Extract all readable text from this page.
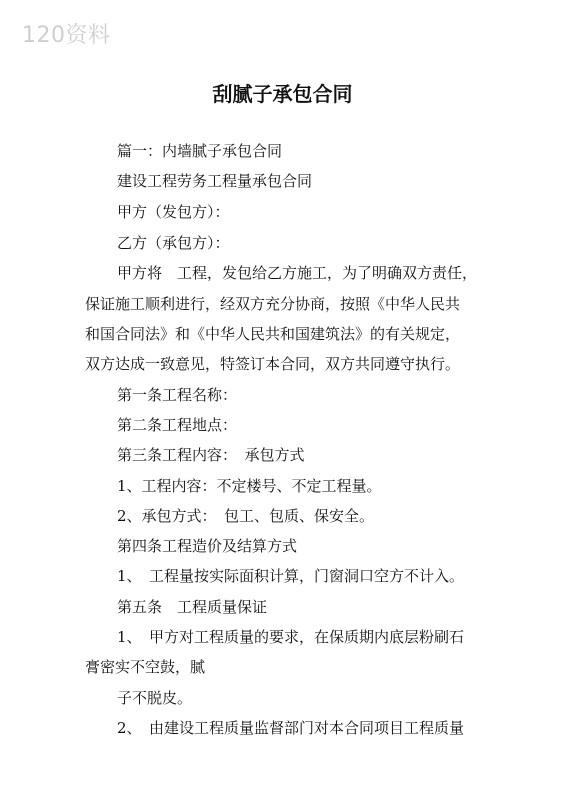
120资料
刮腻子承包合同
篇一：内墙腻子承包合同
建设工程劳务工程量承包合同
甲方（发包方）：
乙方（承包方）：
甲方将　工程，发包给乙方施工，为了明确双方责任，
保证施工顺利进行，经双方充分协商，按照《中华人民共
和国合同法》和《中华人民共和国建筑法》的有关规定，
双方达成一致意见，特签订本合同，双方共同遵守执行。
第一条工程名称：
第二条工程地点：
第三条工程内容：　承包方式
1、工程内容：不定楼号、不定工程量。
2、承包方式：　包工、包质、保安全。
第四条工程造价及结算方式
1、　工程量按实际面积计算，门窗洞口空方不计入。
第五条　工程质量保证
1、　甲方对工程质量的要求，在保质期内底层粉刷石
膏密实不空鼓，腻
子不脱皮。
2、　由建设工程质量监督部门对本合同项目工程质量
